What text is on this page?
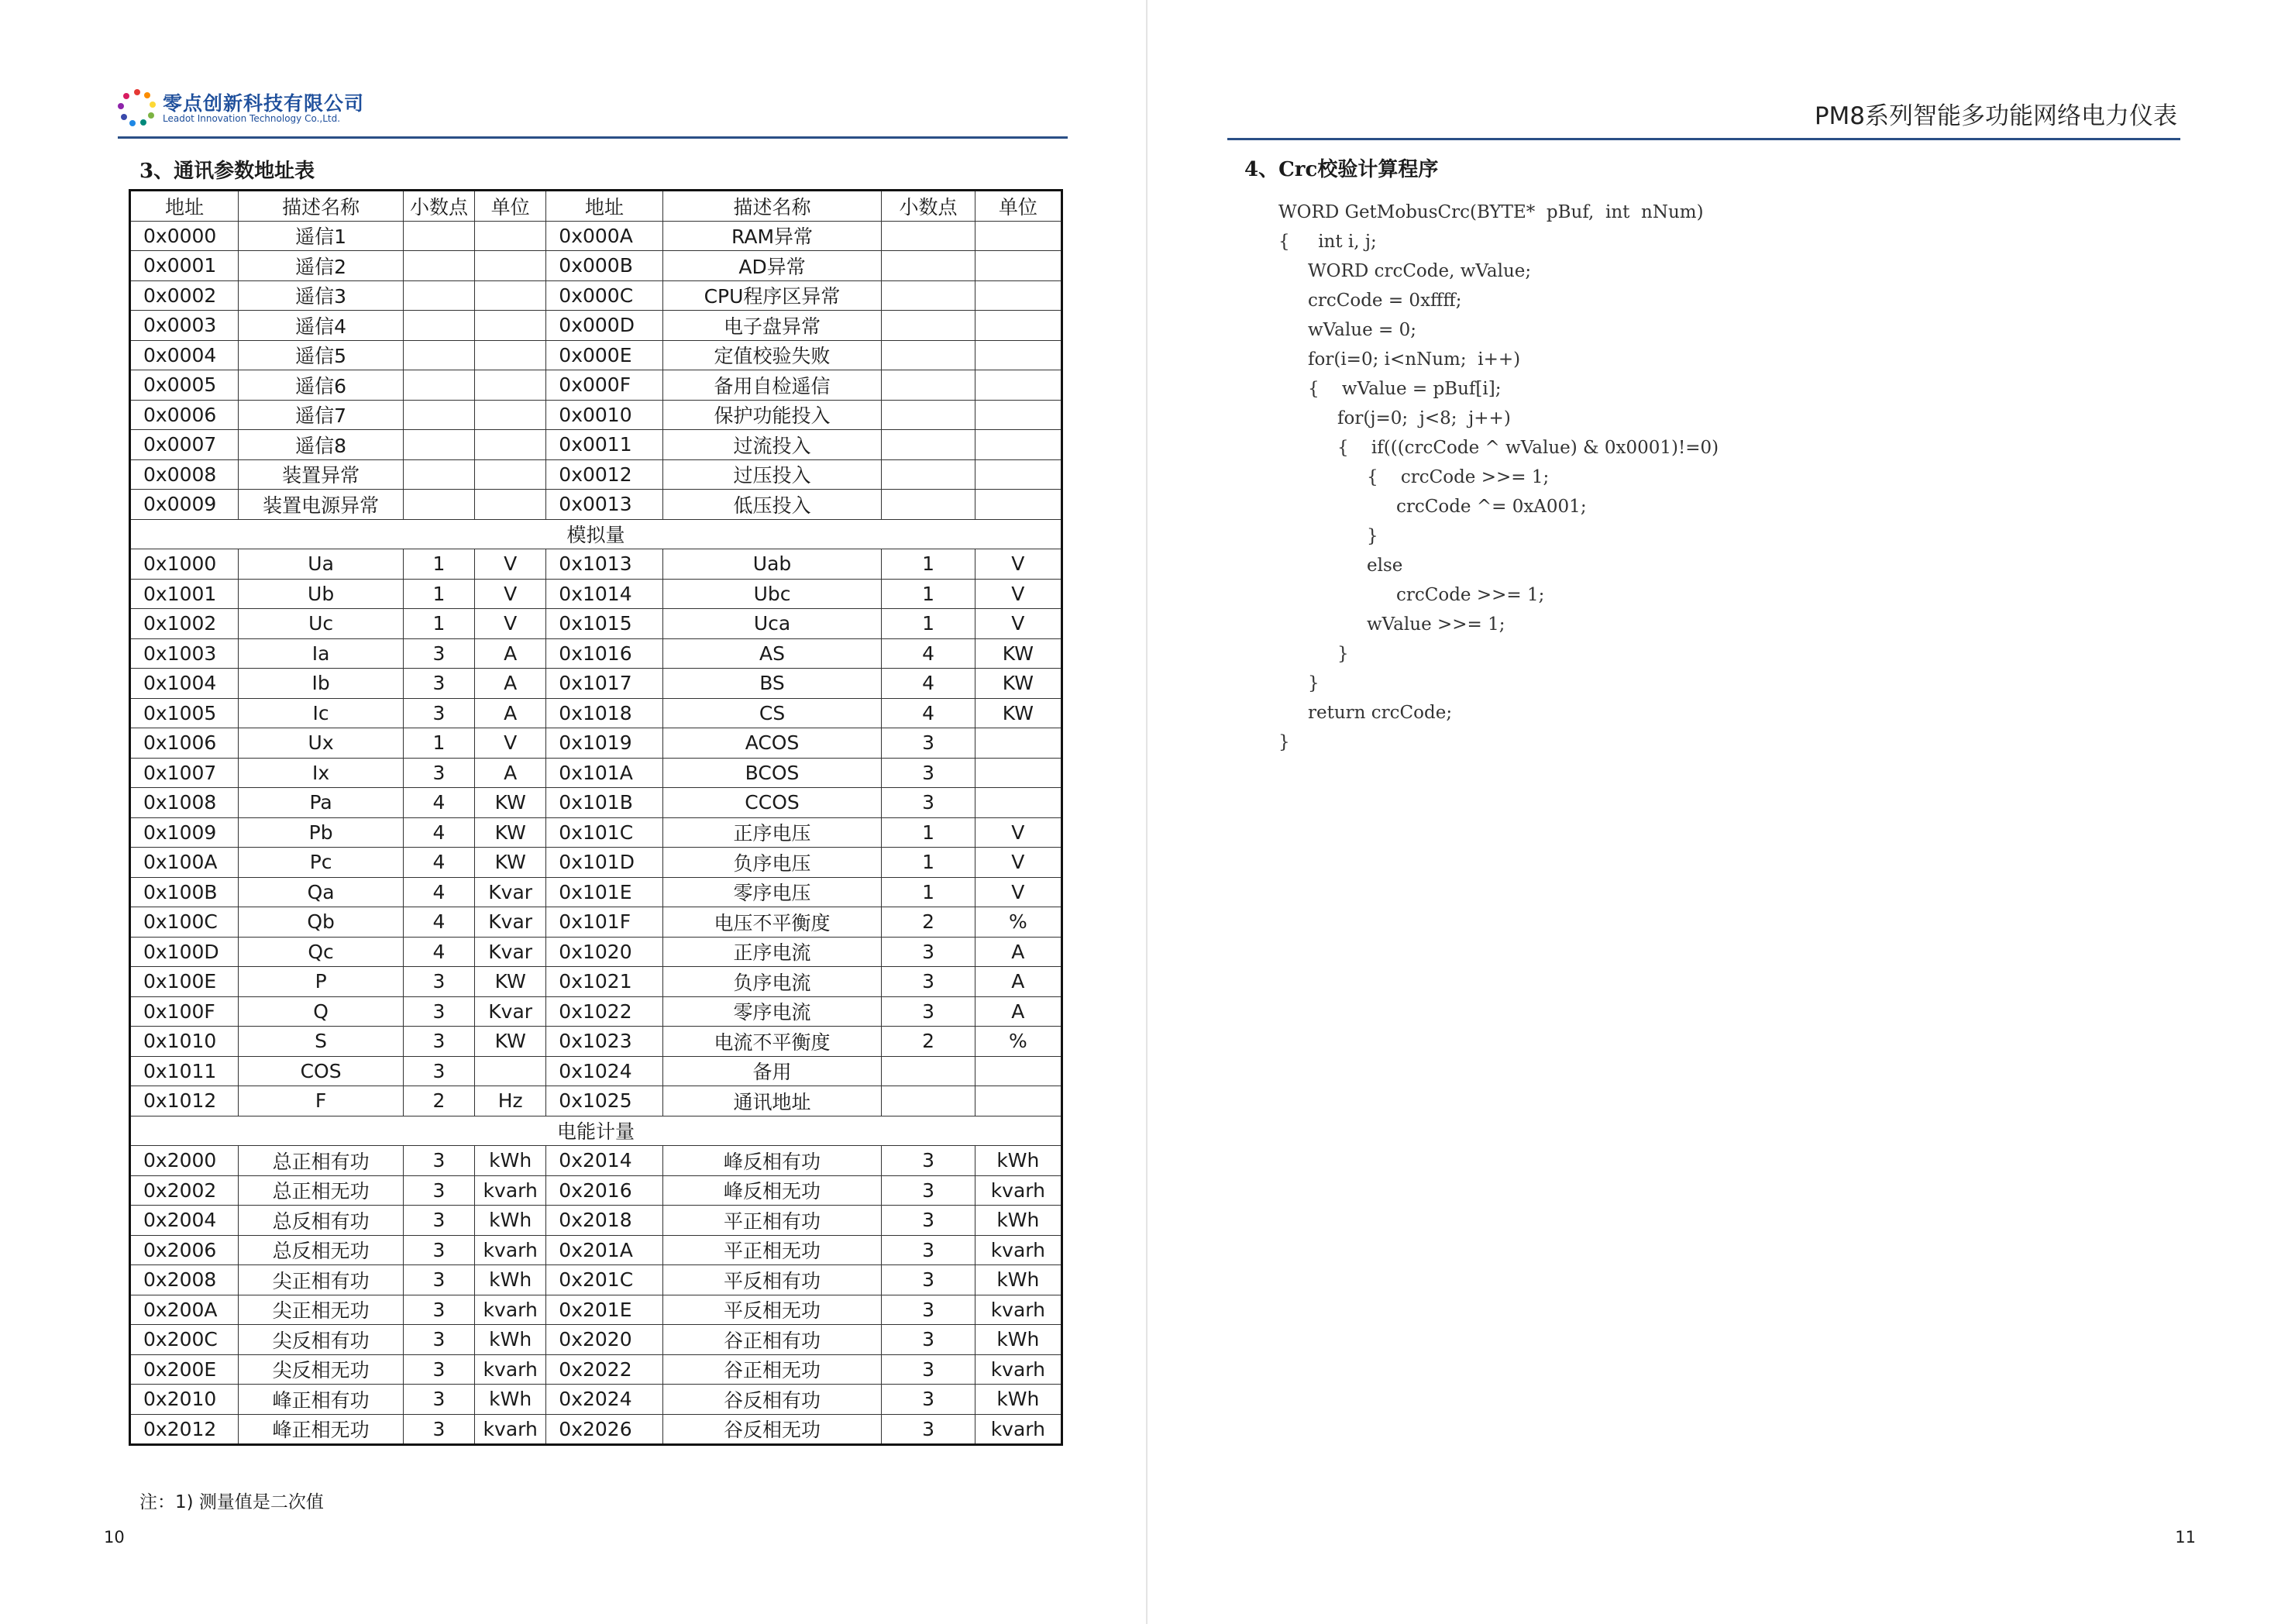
零点创新科技有限公司
Leadot Innovation Technology Co.,Ltd.	PM8系列智能多功能网络电力仪表
3、通讯参数地址表
地址	描述名称	小数点	单位	地址	描述名称	小数点	单位
0x0000	遥信1			0x000A	RAM异常		
0x0001	遥信2			0x000B	AD异常		
0x0002	遥信3			0x000C	CPU程序区异常		
0x0003	遥信4			0x000D	电子盘异常		
0x0004	遥信5			0x000E	定值校验失败		
0x0005	遥信6			0x000F	备用自检遥信		
0x0006	遥信7			0x0010	保护功能投入		
0x0007	遥信8			0x0011	过流投入		
0x0008	装置异常			0x0012	过压投入		
0x0009	装置电源异常			0x0013	低压投入		
模拟量							
0x1000	Ua	1	V	0x1013	Uab	1	V
0x1001	Ub	1	V	0x1014	Ubc	1	V
0x1002	Uc	1	V	0x1015	Uca	1	V
0x1003	Ia	3	A	0x1016	AS	4	KW
0x1004	Ib	3	A	0x1017	BS	4	KW
0x1005	Ic	3	A	0x1018	CS	4	KW
0x1006	Ux	1	V	0x1019	ACOS	3	
0x1007	Ix	3	A	0x101A	BCOS	3	
0x1008	Pa	4	KW	0x101B	CCOS	3	
0x1009	Pb	4	KW	0x101C	正序电压	1	V
0x100A	Pc	4	KW	0x101D	负序电压	1	V
0x100B	Qa	4	Kvar	0x101E	零序电压	1	V
0x100C	Qb	4	Kvar	0x101F	电压不平衡度	2	%
0x100D	Qc	4	Kvar	0x1020	正序电流	3	A
0x100E	P	3	KW	0x1021	负序电流	3	A
0x100F	Q	3	Kvar	0x1022	零序电流	3	A
0x1010	S	3	KW	0x1023	电流不平衡度	2	%
0x1011	COS	3		0x1024	备用		
0x1012	F	2	Hz	0x1025	通讯地址		
电能计量							
0x2000	总正相有功	3	kWh	0x2014	峰反相有功	3	kWh
0x2002	总正相无功	3	kvarh	0x2016	峰反相无功	3	kvarh
0x2004	总反相有功	3	kWh	0x2018	平正相有功	3	kWh
0x2006	总反相无功	3	kvarh	0x201A	平正相无功	3	kvarh
0x2008	尖正相有功	3	kWh	0x201C	平反相有功	3	kWh
0x200A	尖正相无功	3	kvarh	0x201E	平反相无功	3	kvarh
0x200C	尖反相有功	3	kWh	0x2020	谷正相有功	3	kWh
0x200E	尖反相无功	3	kvarh	0x2022	谷正相无功	3	kvarh
0x2010	峰正相有功	3	kWh	0x2024	谷反相有功	3	kWh
0x2012	峰正相无功	3	kvarh	0x2026	谷反相无功	3	kvarh
注：1) 测量值是二次值
10
4、Crc校验计算程序
WORD GetMobusCrc(BYTE*  pBuf,  int  nNum)
{     int i, j;
WORD crcCode, wValue;
crcCode = 0xffff;
wValue = 0;
for(i=0; i<nNum;  i++)
{    wValue = pBuf[i];
for(j=0;  j<8;  j++)
{    if(((crcCode ^ wValue) & 0x0001)!=0)
{    crcCode >>= 1;
crcCode ^= 0xA001;
}
else
crcCode >>= 1;
wValue >>= 1;
}
}
return crcCode;
}
11
